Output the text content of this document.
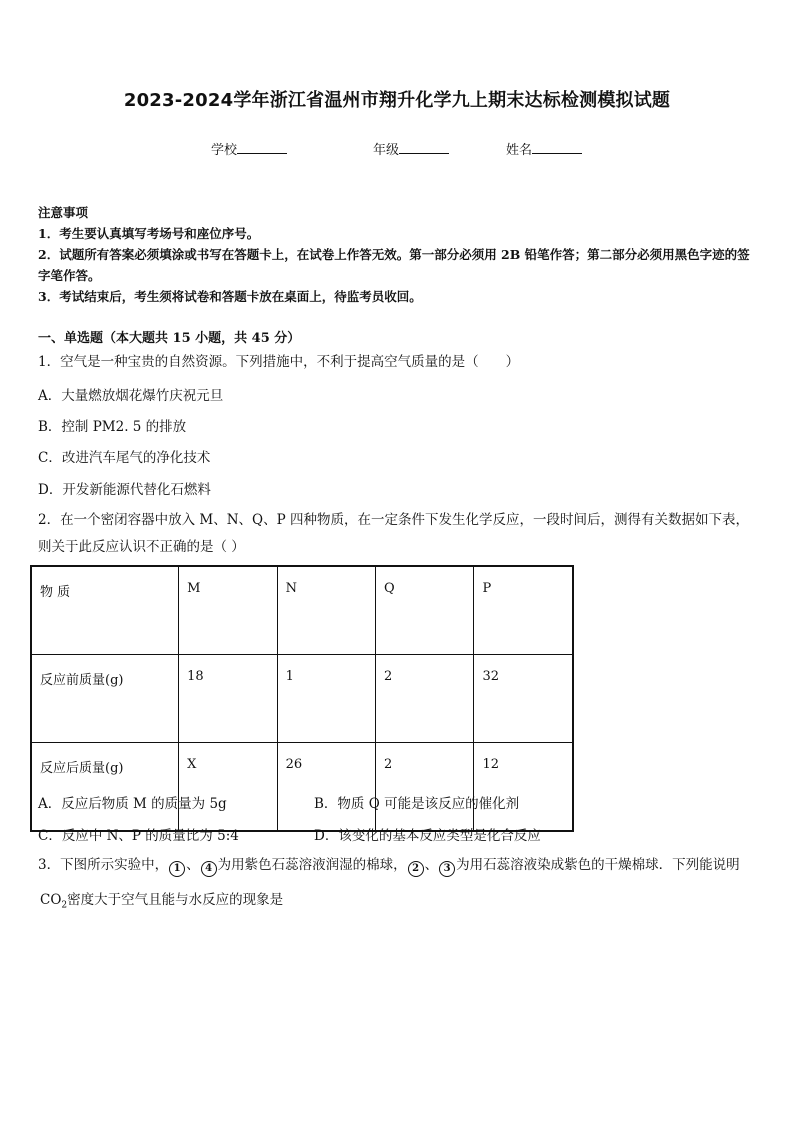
2023-2024学年浙江省温州市翔升化学九上期末达标检测模拟试题
学校	年级	姓名
注意事项
1．考生要认真填写考场号和座位序号。
2．试题所有答案必须填涂或书写在答题卡上，在试卷上作答无效。第一部分必须用 2B 铅笔作答；第二部分必须用黑色字迹的签字笔作答。
3．考试结束后，考生须将试卷和答题卡放在桌面上，待监考员收回。
一、单选题（本大题共 15 小题，共 45 分）
1．空气是一种宝贵的自然资源。下列措施中，不利于提高空气质量的是（　　）
A．大量燃放烟花爆竹庆祝元旦
B．控制 PM2. 5 的排放
C．改进汽车尾气的净化技术
D．开发新能源代替化石燃料
2．在一个密闭容器中放入 M、N、Q、P 四种物质，在一定条件下发生化学反应，一段时间后，测得有关数据如下表，则关于此反应认识不正确的是（ ）
物 质	M	N	Q	P
反应前质量(g)	18	1	2	32
反应后质量(g)	X	26	2	12
A．反应后物质 M 的质量为 5g	B．物质 Q 可能是该反应的催化剂
C．反应中 N、P 的质量比为 5:4	D．该变化的基本反应类型是化合反应
3．下图所示实验中， 1 、 4 为用紫色石蕊溶液润湿的棉球， 2 、 3 为用石蕊溶液染成紫色的干燥棉球．下列能说明
$CO_2$密度大于空气且能与水反应的现象是
